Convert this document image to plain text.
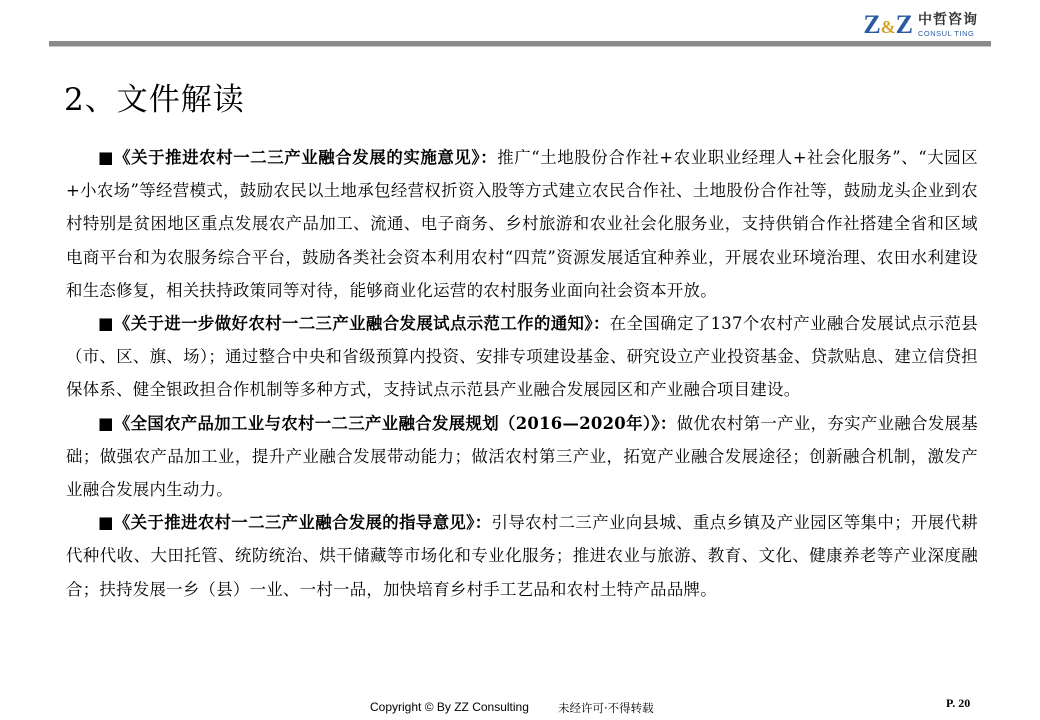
Z&Z 中哲咨询
CONSUL TING
2、文件解读

■《关于推进农村一二三产业融合发展的实施意见》：推广“土地股份合作社+农业职业经理人+社会化服务”、“大园区+小农场”等经营模式，鼓励农民以土地承包经营权折资入股等方式建立农民合作社、土地股份合作社等，鼓励龙头企业到农村特别是贫困地区重点发展农产品加工、流通、电子商务、乡村旅游和农业社会化服务业，支持供销合作社搭建全省和区域电商平台和为农服务综合平台，鼓励各类社会资本利用农村“四荒”资源发展适宜种养业，开展农业环境治理、农田水利建设和生态修复，相关扶持政策同等对待，能够商业化运营的农村服务业面向社会资本开放。

■《关于进一步做好农村一二三产业融合发展试点示范工作的通知》：在全国确定了137个农村产业融合发展试点示范县（市、区、旗、场）；通过整合中央和省级预算内投资、安排专项建设基金、研究设立产业投资基金、贷款贴息、建立信贷担保体系、健全银政担合作机制等多种方式，支持试点示范县产业融合发展园区和产业融合项目建设。

■《全国农产品加工业与农村一二三产业融合发展规划（2016—2020年）》：做优农村第一产业，夯实产业融合发展基础；做强农产品加工业，提升产业融合发展带动能力；做活农村第三产业，拓宽产业融合发展途径；创新融合机制，激发产业融合发展内生动力。

■《关于推进农村一二三产业融合发展的指导意见》：引导农村二三产业向县城、重点乡镇及产业园区等集中；开展代耕代种代收、大田托管、统防统治、烘干储藏等市场化和专业化服务；推进农业与旅游、教育、文化、健康养老等产业深度融合；扶持发展一乡（县）一业、一村一品，加快培育乡村手工艺品和农村土特产品品牌。

Copyright © By ZZ Consulting	未经许可·不得转载	P. 20
